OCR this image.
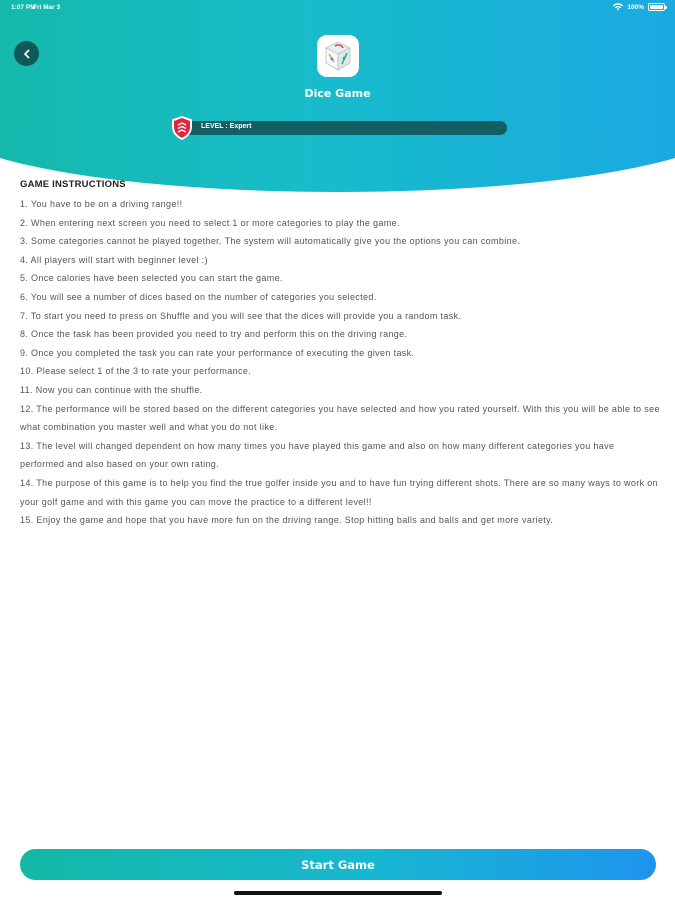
1:07 PM
Fri Mar 3	100%
Dice Game
LEVEL : Expert
GAME INSTRUCTIONS

1. You have to be on a driving range!!

2. When entering next screen you need to select 1 or more categories to play the game.

3. Some categories cannot be played together. The system will automatically give you the options you can combine.

4. All players will start with beginner level :)

5. Once calories have been selected you can start the game.

6. You will see a number of dices based on the number of categories you selected.

7. To start you need to press on Shuffle and you will see that the dices will provide you a random task.

8. Once the task has been provided you need to try and perform this on the driving range.

9. Once you completed the task you can rate your performance of executing the given task.

10. Please select 1 of the 3 to rate your performance.

11. Now you can continue with the shuffle.

12. The performance will be stored based on the different categories you have selected and how you rated yourself. With this you will be able to see what combination you master well and what you do not like.

13. The level will changed dependent on how many times you have played this game and also on how many different categories you have performed and also based on your own rating.

14. The purpose of this game is to help you find the true golfer inside you and to have fun trying different shots. There are so many ways to work on your golf game and with this game you can move the practice to a different level!!

15. Enjoy the game and hope that you have more fun on the driving range. Stop hitting balls and balls and get more variety.

Start Game
